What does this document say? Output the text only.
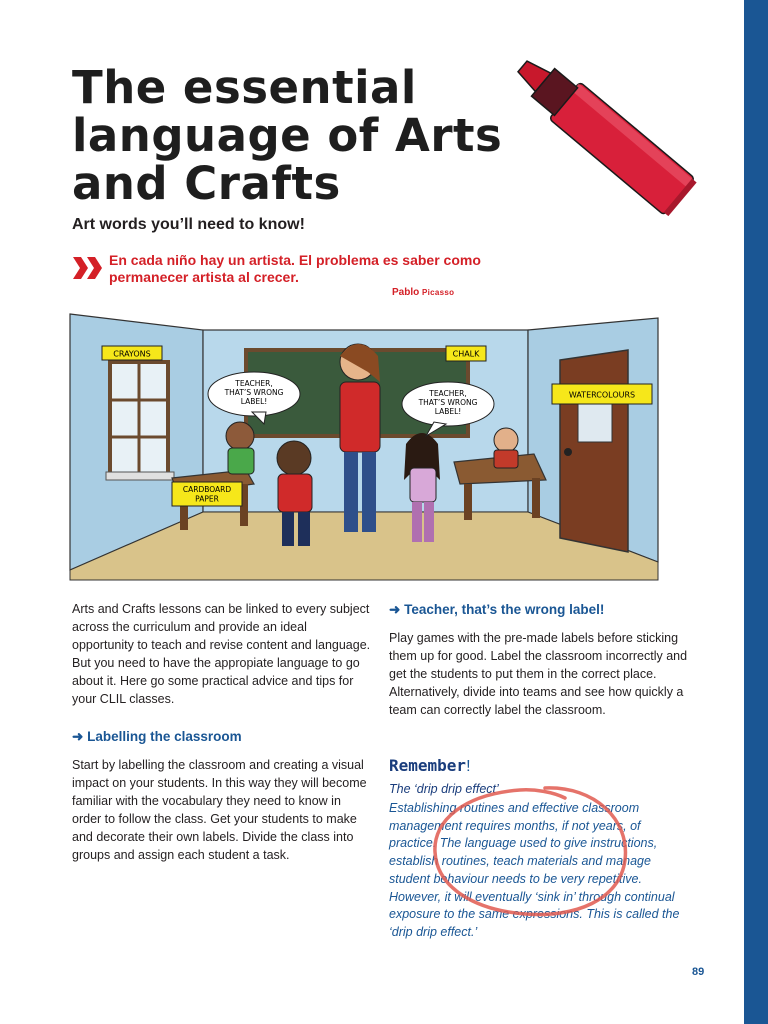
The essential language of Arts and Crafts
Art words you’ll need to know!
En cada niño hay un artista. El problema es saber como permanecer artista al crecer.
Pablo Picasso
CRAYONS	CHALK
WATERCOLOURS
CARDBOARD
PAPER
TEACHER,
THAT’S WRONG
LABEL!
TEACHER,
THAT’S WRONG
LABEL!

Arts and Crafts lessons can be linked to every subject across the curriculum and provide an ideal opportunity to teach and revise content and language. But you need to have the appropiate language to go about it. Here go some practical advice and tips for your CLIL classes.

➜ Labelling the classroom

Start by labelling the classroom and creating a visual impact on your students. In this way they will become familiar with the vocabulary they need to know in order to follow the class. Get your students to make and decorate their own labels. Divide the class into groups and assign each student a task.

➜ Teacher, that’s the wrong label!

Play games with the pre-made labels before sticking them up for good. Label the classroom incorrectly and get the students to put them in the correct place. Alternatively, divide into teams and see how quickly a team can correctly label the classroom.

Remember!
The ‘drip drip effect’

Establishing routines and effective classroom management requires months, if not years, of practice. The language used to give instructions, establish routines, teach materials and manage student behaviour needs to be very repetitive. However, it will eventually ‘sink in’ through continual exposure to the same expressions. This is called the ‘drip drip effect.’

89
